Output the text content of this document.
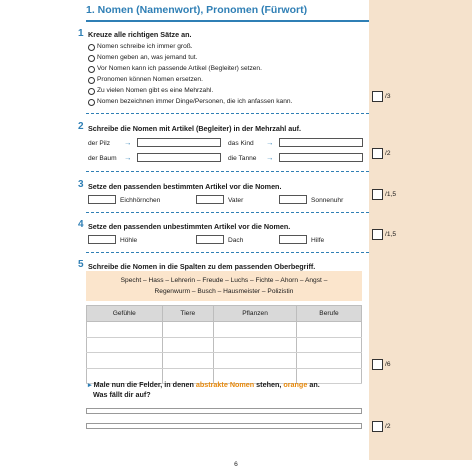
1. Nomen (Namenwort), Pronomen (Fürwort)
1 Kreuze alle richtigen Sätze an.
Nomen schreibe ich immer groß.
Nomen geben an, was jemand tut.
Vor Nomen kann ich passende Artikel (Begleiter) setzen.
Pronomen können Nomen ersetzen.
Zu vielen Nomen gibt es eine Mehrzahl.
Nomen bezeichnen immer Dinge/Personen, die ich anfassen kann.
/3
2 Schreibe die Nomen mit Artikel (Begleiter) in der Mehrzahl auf.
der Pilz →	das Kind →
der Baum →	die Tanne →	/2
3 Setze den passenden bestimmten Artikel vor die Nomen.
Eichhörnchen	Vater	Sonnenuhr
/1,5
4 Setze den passenden unbestimmten Artikel vor die Nomen.
Höhle	Dach	Hilfe
/1,5
5 Schreibe die Nomen in die Spalten zu dem passenden Oberbegriff.
Specht – Hass – Lehrerin – Freude – Luchs – Fichte – Ahorn – Angst –
Regenwurm – Busch – Hausmeister – Polizistin
Gefühle	Tiere	Pflanzen	Berufe

/6
▸ Male nun die Felder, in denen abstrakte Nomen stehen, orange an.
Was fällt dir auf?
/2
6
